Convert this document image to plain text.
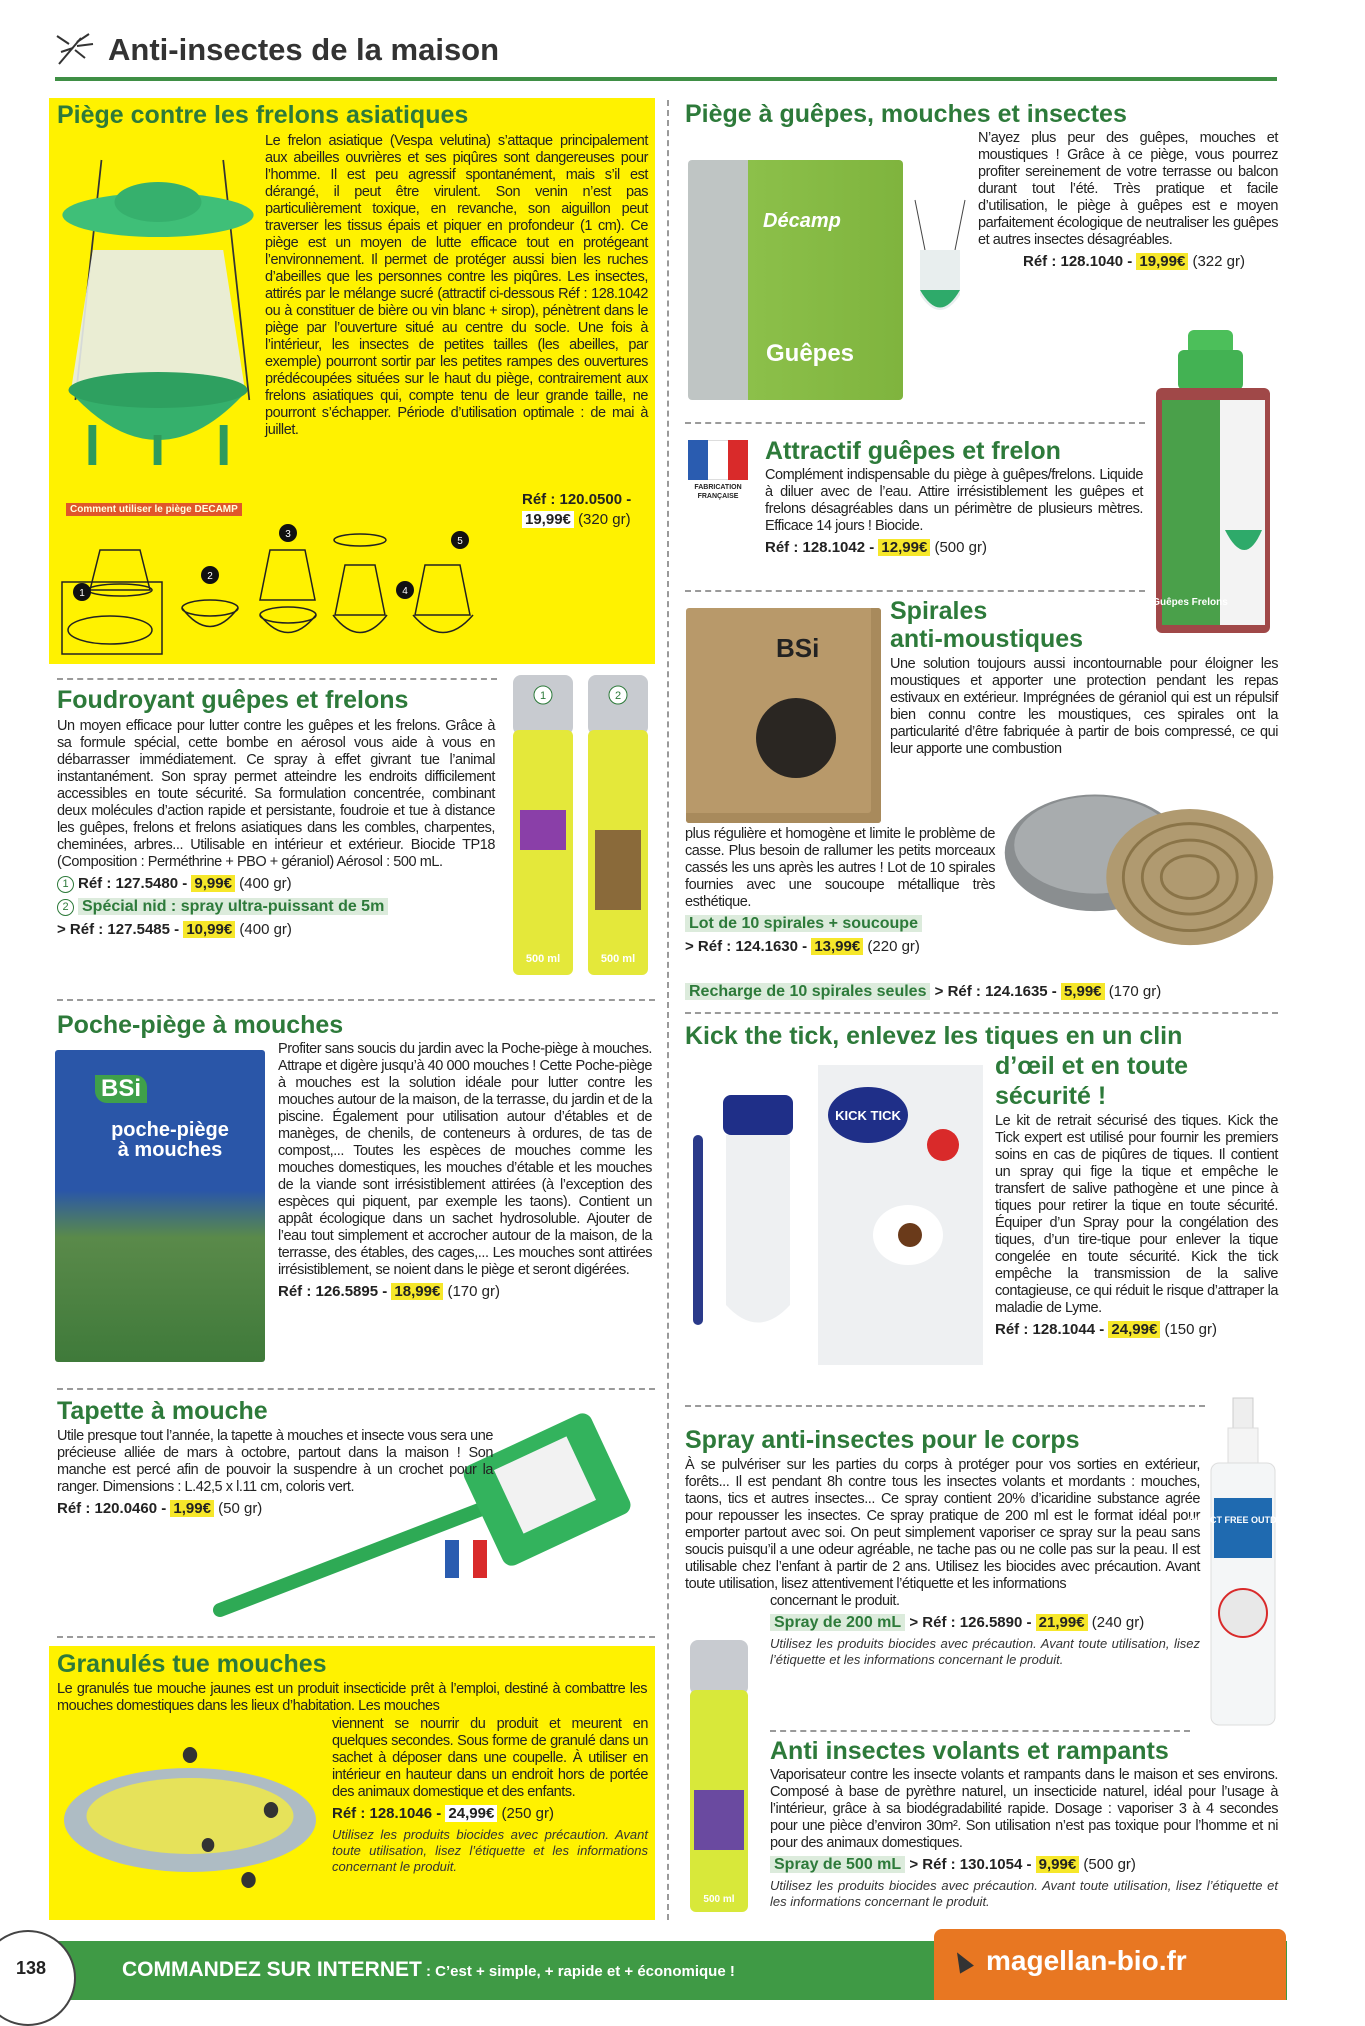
Anti-insectes de la maison
Piège contre les frelons asiatiques
Le frelon asiatique (Vespa velutina) s’attaque principalement aux abeilles ouvrières et ses piqûres sont dangereuses pour l’homme. Il est peu agressif spontanément, mais s’il est dérangé, il peut être virulent. Son venin n’est pas particulièrement toxique, en revanche, son aiguillon peut traverser les tissus épais et piquer en profondeur (1 cm). Ce piège est un moyen de lutte efficace tout en protégeant l’environnement. Il permet de protéger aussi bien les ruches d’abeilles que les personnes contre les piqûres. Les insectes, attirés par le mélange sucré (attractif ci-dessous Réf : 128.1042 ou à constituer de bière ou vin blanc + sirop), pénètrent dans le piège par l’ouverture situé au centre du socle. Une fois à l’intérieur, les insectes de petites tailles (les abeilles, par exemple) pourront sortir par les petites rampes des ouvertures prédécoupées situées sur le haut du piège, contrairement aux frelons asiatiques qui, compte tenu de leur grande taille, ne pourront s’échapper. Période d’utilisation optimale : de mai à juillet.
Réf : 120.0500 -
19,99€ (320 gr)
Comment utiliser le piège DECAMP
1
2
3
4
5
Foudroyant guêpes et frelons
Un moyen efficace pour lutter contre les guêpes et les frelons. Grâce à sa formule spécial, cette bombe en aérosol vous aide à vous en débarrasser immédiatement. Ce spray à effet givrant tue l’animal instantanément. Son spray permet atteindre les endroits difficilement accessibles en toute sécurité. Sa formulation concentrée, combinant deux molécules d’action rapide et persistante, foudroie et tue à distance les guêpes, frelons et frelons asiatiques dans les combles, charpentes, cheminées, arbres... Utilisable en intérieur et extérieur. Biocide TP18 (Composition : Perméthrine + PBO + géraniol) Aérosol : 500 mL.
1 Réf : 127.5480 - 9,99€ (400 gr)
2 Spécial nid : spray ultra-puissant de 5m
> Réf : 127.5485 - 10,99€ (400 gr)
1	2
500 ml	500 ml
Poche-piège à mouches
BSi
poche-piège à mouches
Profiter sans soucis du jardin avec la Poche-piège à mouches. Attrape et digère jusqu’à 40 000 mouches ! Cette Poche-piège à mouches est la solution idéale pour lutter contre les mouches autour de la maison, de la terrasse, du jardin et de la piscine. Également pour utilisation autour d’étables et de manèges, de chenils, de conteneurs à ordures, de tas de compost,... Toutes les espèces de mouches comme les mouches domestiques, les mouches d’étable et les mouches de la viande sont irrésistiblement attirées (à l’exception des espèces qui piquent, par exemple les taons). Contient un appât écologique dans un sachet hydrosoluble. Ajouter de l’eau tout simplement et accrocher autour de la maison, de la terrasse, des étables, des cages,... Les mouches sont attirées irrésistiblement, se noient dans le piège et seront digérées.
Réf : 126.5895 - 18,99€ (170 gr)
Tapette à mouche
Utile presque tout l’année, la tapette à mouches et insecte vous sera une précieuse alliée de mars à octobre, partout dans la maison ! Son manche est percé afin de pouvoir la suspendre à un crochet pour la ranger. Dimensions : L.42,5 x l.11 cm, coloris vert.
Réf : 120.0460 - 1,99€ (50 gr)
Granulés tue mouches
Le granulés tue mouche jaunes est un produit insecticide prêt à l’emploi, destiné à combattre les mouches domestiques dans les lieux d’habitation. Les mouches
viennent se nourrir du produit et meurent en quelques secondes. Sous forme de granulé dans un sachet à déposer dans une coupelle. À utiliser en intérieur en hauteur dans un endroit hors de portée des animaux domestique et des enfants.
Réf : 128.1046 - 24,99€ (250 gr)
Utilisez les produits biocides avec précaution. Avant toute utilisation, lisez l’étiquette et les informations concernant le produit.
Piège à guêpes, mouches et insectes
Décamp
Guêpes
N’ayez plus peur des guêpes, mouches et moustiques ! Grâce à ce piège, vous pourrez profiter sereinement de votre terrasse ou balcon durant tout l’été. Très pratique et facile d’utilisation, le piège à guêpes est e moyen parfaitement écologique de neutraliser les guêpes et autres insectes désagréables.
Réf : 128.1040 - 19,99€ (322 gr)
FABRICATION FRANÇAISE
Attractif guêpes et frelon
Complément indispensable du piège à guêpes/frelons. Liquide à diluer avec de l’eau. Attire irrésistiblement les guêpes et frelons désagréables dans un périmètre de plusieurs mètres. Efficace 14 jours ! Biocide.
Réf : 128.1042 - 12,99€ (500 gr)
Guêpes Frelons
BSi
Spirales
anti-moustiques
Une solution toujours aussi incontournable pour éloigner les moustiques et apporter une protection pendant les repas estivaux en extérieur. Imprégnées de géraniol qui est un répulsif bien connu contre les moustiques, ces spirales ont la particularité d’être fabriquée à partir de bois compressé, ce qui leur apporte une combustion
plus régulière et homogène et limite le problème de casse. Plus besoin de rallumer les petits morceaux cassés les uns après les autres ! Lot de 10 spirales fournies avec une soucoupe métallique très esthétique.
Lot de 10 spirales + soucoupe
> Réf : 124.1630 - 13,99€ (220 gr)
Recharge de 10 spirales seules > Réf : 124.1635 - 5,99€ (170 gr)
Kick the tick, enlevez les tiques en un clin
d’œil et en toute
sécurité !
KICK TICK	Le kit de retrait sécurisé des tiques. Kick the Tick expert est utilisé pour fournir les premiers soins en cas de piqûres de tiques. Il contient un spray qui fige la tique et empêche le transfert de salive pathogène et une pince à tiques pour retirer la tique en toute sécurité. Équiper d’un Spray pour la congélation des tiques, d’un tire-tique pour enlever la tique congelée en toute sécurité. Kick the tick empêche la transmission de la salive contagieuse, ce qui réduit le risque d’attraper la maladie de Lyme.
Réf : 128.1044 - 24,99€ (150 gr)
Spray anti-insectes pour le corps
À se pulvériser sur les parties du corps à protéger pour vos sorties en extérieur, forêts... Il est pendant 8h contre tous les insectes volants et mordants : mouches, taons, tics et autres insectes... Ce spray contient 20% d’icaridine substance agrée pour repousser les insectes. Ce spray pratique de 200 ml est le format idéal pour emporter partout avec soi. On peut simplement vaporiser ce spray sur la peau sans soucis puisqu’il a une odeur agréable, ne tache pas ou ne colle pas sur la peau. Il est utilisable chez l’enfant à partir de 2 ans. Utilisez les biocides avec précaution. Avant toute utilisation, lisez attentivement l’étiquette et les informations
concernant le produit.
Spray de 200 mL > Réf : 126.5890 - 21,99€ (240 gr)
Utilisez les produits biocides avec précaution. Avant toute utilisation, lisez l’étiquette et les informations concernant le produit.
INSECT FREE OUTDOOR
500 ml
Anti insectes volants et rampants
Vaporisateur contre les insecte volants et rampants dans le maison et ses environs. Composé à base de pyrèthre naturel, un insecticide naturel, idéal pour l’usage à l’intérieur, grâce à sa biodégradabilité rapide. Dosage : vaporiser 3 à 4 secondes pour une pièce d’environ 30m². Son utilisation n’est pas toxique pour l’homme et ni pour des animaux domestiques.
Spray de 500 mL > Réf : 130.1054 - 9,99€ (500 gr)
Utilisez les produits biocides avec précaution. Avant toute utilisation, lisez l’étiquette et les informations concernant le produit.
138	COMMANDEZ SUR INTERNET : C’est + simple, + rapide et + économique !	magellan-bio.fr
